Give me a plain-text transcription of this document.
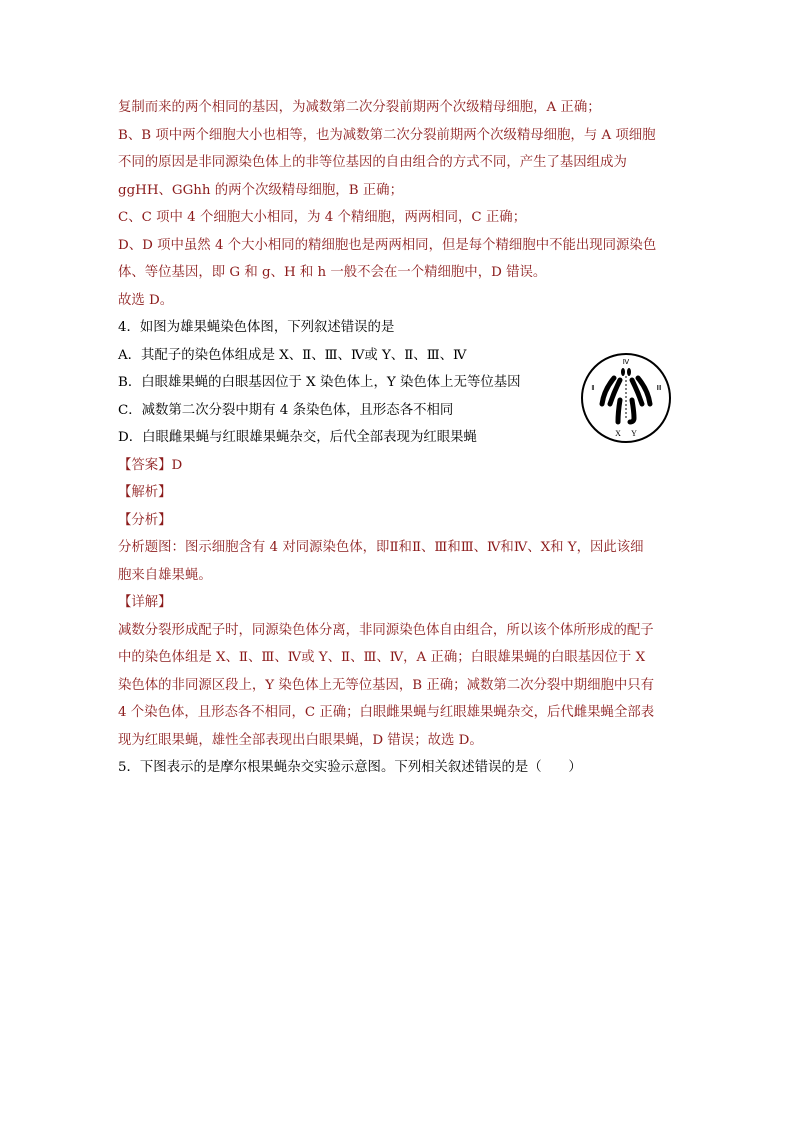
复制而来的两个相同的基因，为减数第二次分裂前期两个次级精母细胞，A 正确；
B、B 项中两个细胞大小也相等，也为减数第二次分裂前期两个次级精母细胞，与 A 项细胞
不同的原因是非同源染色体上的非等位基因的自由组合的方式不同，产生了基因组成为
ggHH、GGhh 的两个次级精母细胞，B 正确；
C、C 项中 4 个细胞大小相同，为 4 个精细胞，两两相同，C 正确；
D、D 项中虽然 4 个大小相同的精细胞也是两两相同，但是每个精细胞中不能出现同源染色
体、等位基因，即 G 和 g、H 和 h 一般不会在一个精细胞中，D 错误。
故选 D。
4．如图为雄果蝇染色体图，下列叙述错误的是
A．其配子的染色体组成是 X、Ⅱ、Ⅲ、Ⅳ或 Y、Ⅱ、Ⅲ、Ⅳ
B．白眼雄果蝇的白眼基因位于 X 染色体上，Y 染色体上无等位基因
C．减数第二次分裂中期有 4 条染色体，且形态各不相同
D．白眼雌果蝇与红眼雄果蝇杂交，后代全部表现为红眼果蝇
【答案】D
【解析】
【分析】
分析题图：图示细胞含有 4 对同源染色体，即Ⅱ和Ⅱ、Ⅲ和Ⅲ、Ⅳ和Ⅳ、X和 Y，因此该细
胞来自雄果蝇。
【详解】
减数分裂形成配子时，同源染色体分离，非同源染色体自由组合，所以该个体所形成的配子
中的染色体组是 X、Ⅱ、Ⅲ、Ⅳ或 Y、Ⅱ、Ⅲ、Ⅳ，A 正确；白眼雄果蝇的白眼基因位于 X
染色体的非同源区段上，Y 染色体上无等位基因，B 正确；减数第二次分裂中期细胞中只有
4 个染色体，且形态各不相同，C 正确；白眼雌果蝇与红眼雄果蝇杂交，后代雌果蝇全部表
现为红眼果蝇，雄性全部表现出白眼果蝇，D 错误；故选 D。
5．下图表示的是摩尔根果蝇杂交实验示意图。下列相关叙述错误的是（　　）
Ⅳ
Ⅱ	Ⅲ
X Y
